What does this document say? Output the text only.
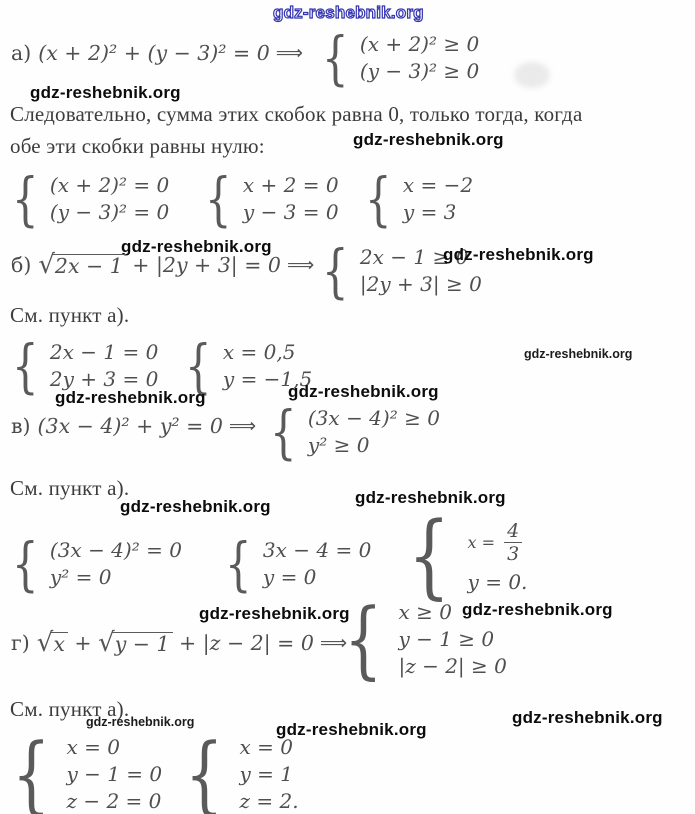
gdz-reshebnik.org
а) (x + 2)² + (y − 3)² = 0 ⟹ {	(x + 2)² ≥ 0
(y − 3)² ≥ 0
gdz-reshebnik.org
Следовательно, сумма этих скобок равна 0, только тогда, когда
обе эти скобки равны нулю:	gdz-reshebnik.org
{
(x + 2)² = 0
(y − 3)² = 0
{
x + 2 = 0
y − 3 = 0
{
x = −2
y = 3
gdz-reshebnik.org
б) √ 2x − 1 + |2y + 3| = 0 ⟹ { 2x − 1 ≥ 0
|2y + 3| ≥ 0
gdz-reshebnik.org
См. пункт а).
{
2x − 1 = 0
2y + 3 = 0
{
x = 0,5
y = −1,5
gdz-reshebnik.org
gdz-reshebnik.org	gdz-reshebnik.org
в) (3x − 4)² + y² = 0 ⟹ {	(3x − 4)² ≥ 0
y² ≥ 0
См. пункт а).
gdz-reshebnik.org	gdz-reshebnik.org
{
(3x − 4)² = 0
y² = 0
{
3x − 4 = 0
y = 0
{
$x = \frac{4}{3}$
y = 0.
gdz-reshebnik.org	gdz-reshebnik.org
г) √ x + √ y − 1 + |z − 2| = 0 ⟹
{
x ≥ 0
y − 1 ≥ 0
|z − 2| ≥ 0
См. пункт а).
gdz-reshebnik.org	gdz-reshebnik.org
gdz-reshebnik.org
{
x = 0
y − 1 = 0
z − 2 = 0
{
x = 0
y = 1
z = 2.
